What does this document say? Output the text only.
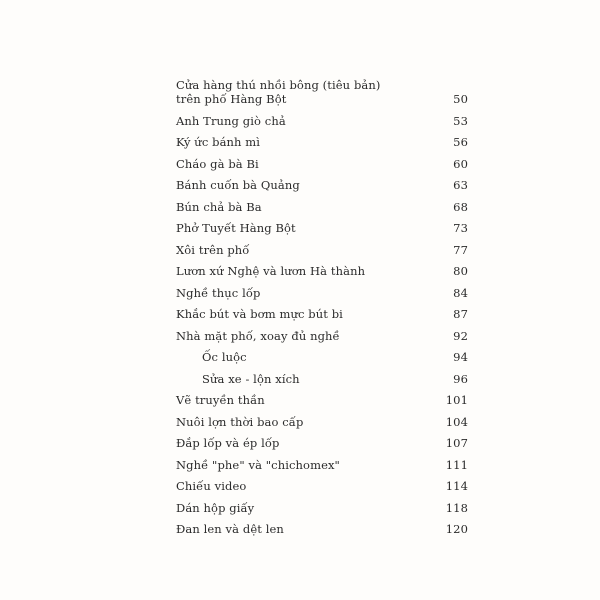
Cửa hàng thú nhồi bông (tiêu bản)
trên phố Hàng Bột	50
Anh Trung giò chả	53
Ký ức bánh mì	56
Cháo gà bà Bi	60
Bánh cuốn bà Quảng	63
Bún chả bà Ba	68
Phở Tuyết Hàng Bột	73
Xôi trên phố	77
Lươn xứ Nghệ và lươn Hà thành	80
Nghề thục lốp	84
Khắc bút và bơm mực bút bi	87
Nhà mặt phố, xoay đủ nghề	92
Ốc luộc	94
Sửa xe - lộn xích	96
Vẽ truyền thần	101
Nuôi lợn thời bao cấp	104
Đắp lốp và ép lốp	107
Nghề "phe" và "chichomex"	111
Chiếu video	114
Dán hộp giấy	118
Đan len và dệt len	120
